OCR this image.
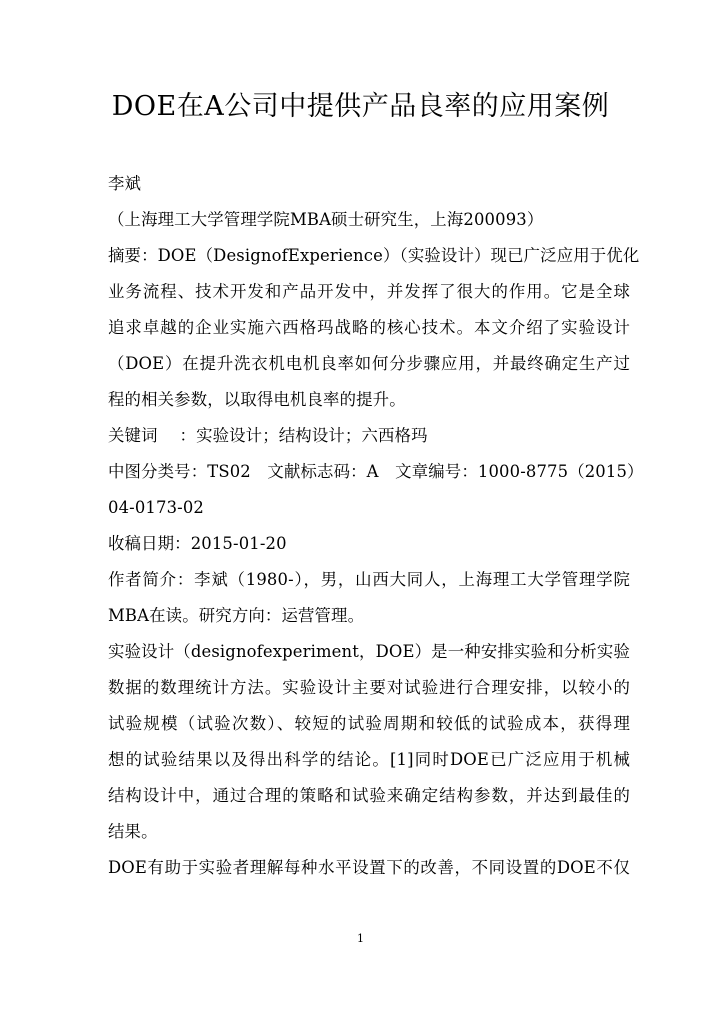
DOE在A公司中提供产品良率的应用案例
李斌
（上海理工大学管理学院MBA硕士研究生，上海200093）
摘要：DOE（DesignofExperience）（实验设计）现已广泛应用于优化
业务流程、技术开发和产品开发中，并发挥了很大的作用。它是全球
追求卓越的企业实施六西格玛战略的核心技术。本文介绍了实验设计
（DOE）在提升洗衣机电机良率如何分步骤应用，并最终确定生产过
程的相关参数，以取得电机良率的提升。
关键词　 ：实验设计；结构设计；六西格玛
中图分类号：TS02　文献标志码：A　文章编号：1000-8775（2015）
04-0173-02
收稿日期：2015-01-20
作者简介：李斌（1980-），男，山西大同人，上海理工大学管理学院
MBA在读。研究方向：运营管理。
实验设计（designofexperiment，DOE）是一种安排实验和分析实验
数据的数理统计方法。实验设计主要对试验进行合理安排，以较小的
试验规模（试验次数）、较短的试验周期和较低的试验成本，获得理
想的试验结果以及得出科学的结论。[1]同时DOE已广泛应用于机械
结构设计中，通过合理的策略和试验来确定结构参数，并达到最佳的
结果。
DOE有助于实验者理解每种水平设置下的改善，不同设置的DOE不仅
1
